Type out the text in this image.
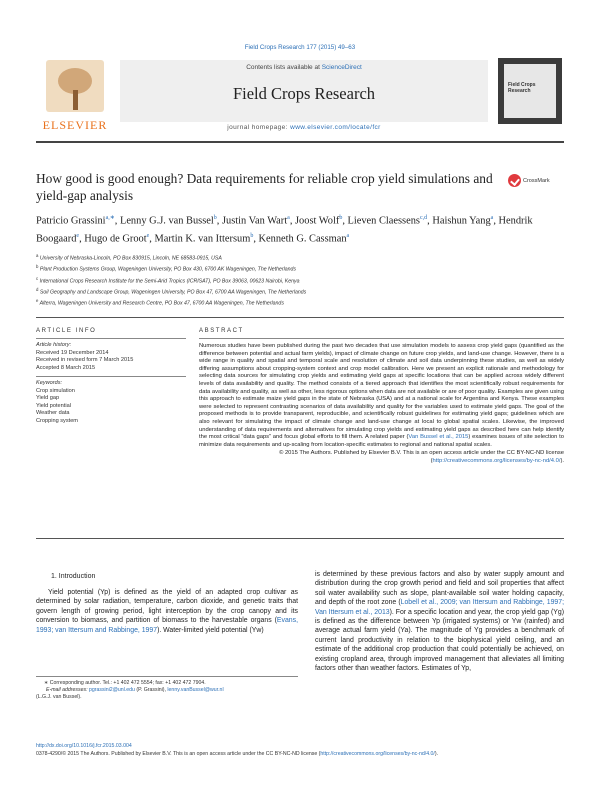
Field Crops Research 177 (2015) 49–63
ELSEVIER
Contents lists available at ScienceDirect
Field Crops Research
journal homepage: www.elsevier.com/locate/fcr
Field Crops Research
How good is good enough? Data requirements for reliable crop yield simulations and yield-gap analysis
CrossMark
Patricio Grassini$^{a,∗}$, Lenny G.J. van Bussel$^b$, Justin Van Wart$^a$, Joost Wolf$^b$, Lieven Claessens$^{c,d}$, Haishun Yang$^a$, Hendrik Boogaard$^e$, Hugo de Groot$^e$, Martin K. van Ittersum$^b$, Kenneth G. Cassman$^a$
$^a$ University of Nebraska-Lincoln, PO Box 830915, Lincoln, NE 68583-0915, USA
$^b$ Plant Production Systems Group, Wageningen University, PO Box 430, 6700 AK Wageningen, The Netherlands
$^c$ International Crops Research Institute for the Semi-Arid Tropics (ICRISAT), PO Box 39063, 00623 Nairobi, Kenya
$^d$ Soil Geography and Landscape Group, Wageningen University, PO Box 47, 6700 AA Wageningen, The Netherlands
$^e$ Alterra, Wageningen University and Research Centre, PO Box 47, 6700 AA Wageningen, The Netherlands
ARTICLE INFO
Article history:
Received 19 December 2014
Received in revised form 7 March 2015
Accepted 8 March 2015
Keywords:
Crop simulation
Yield gap
Yield potential
Weather data
Cropping system
ABSTRACT
Numerous studies have been published during the past two decades that use simulation models to assess crop yield gaps (quantified as the difference between potential and actual farm yields), impact of climate change on future crop yields, and land-use change. However, there is a wide range in quality and spatial and temporal scale and resolution of climate and soil data underpinning these studies, as well as widely differing assumptions about cropping-system context and crop model calibration. Here we present an explicit rationale and methodology for selecting data sources for simulating crop yields and estimating yield gaps at specific locations that can be applied across widely different levels of data availability and quality. The method consists of a tiered approach that identifies the most scientifically robust requirements for data availability and quality, as well as other, less rigorous options when data are not available or are of poor quality. Examples are given using this approach to estimate maize yield gaps in the state of Nebraska (USA) and at a national scale for Argentina and Kenya. These examples were selected to represent contrasting scenarios of data availability and quality for the variables used to estimate yield gaps. The goal of the proposed methods is to provide transparent, reproducible, and scientifically robust guidelines for estimating yield gaps; guidelines which are also relevant for simulating the impact of climate change and land-use change at local to global spatial scales. Likewise, the improved understanding of data requirements and alternatives for simulating crop yields and estimating yield gaps as described here can help identify the most critical “data gaps” and focus global efforts to fill them. A related paper (Van Bussel et al., 2015) examines issues of site selection to minimize data requirements and up-scaling from location-specific estimates to regional and national spatial scales.
© 2015 The Authors. Published by Elsevier B.V. This is an open access article under the CC BY-NC-ND license (http://creativecommons.org/licenses/by-nc-nd/4.0/).
1. Introduction
Yield potential (Yp) is defined as the yield of an adapted crop cultivar as determined by solar radiation, temperature, carbon dioxide, and genetic traits that govern length of growing period, light interception by the crop canopy and its conversion to biomass, and partition of biomass to the harvestable organs (Evans, 1993; van Ittersum and Rabbinge, 1997). Water-limited yield potential (Yw)
is determined by these previous factors and also by water supply amount and distribution during the crop growth period and field and soil properties that affect soil water availability such as slope, plant-available soil water holding capacity, and depth of the root zone (Lobell et al., 2009; van Ittersum and Rabbinge, 1997; Van Ittersum et al., 2013). For a specific location and year, the crop yield gap (Yg) is defined as the difference between Yp (irrigated systems) or Yw (rainfed) and average actual farm yield (Ya). The magnitude of Yg provides a benchmark of current land productivity in relation to the biophysical yield ceiling, and an estimate of the additional crop production that could potentially be achieved, on existing cropland area, through improved management that alleviates all limiting factors other than weather factors. Estimates of Yp,
∗ Corresponding author. Tel.: +1 402 472 5554; fax: +1 402 472 7904.
E-mail addresses: pgrassini2@unl.edu (P. Grassini), lenny.vanBussel@wur.nl
(L.G.J. van Bussel).
http://dx.doi.org/10.1016/j.fcr.2015.03.004
0378-4290/© 2015 The Authors. Published by Elsevier B.V. This is an open access article under the CC BY-NC-ND license (http://creativecommons.org/licenses/by-nc-nd/4.0/).
